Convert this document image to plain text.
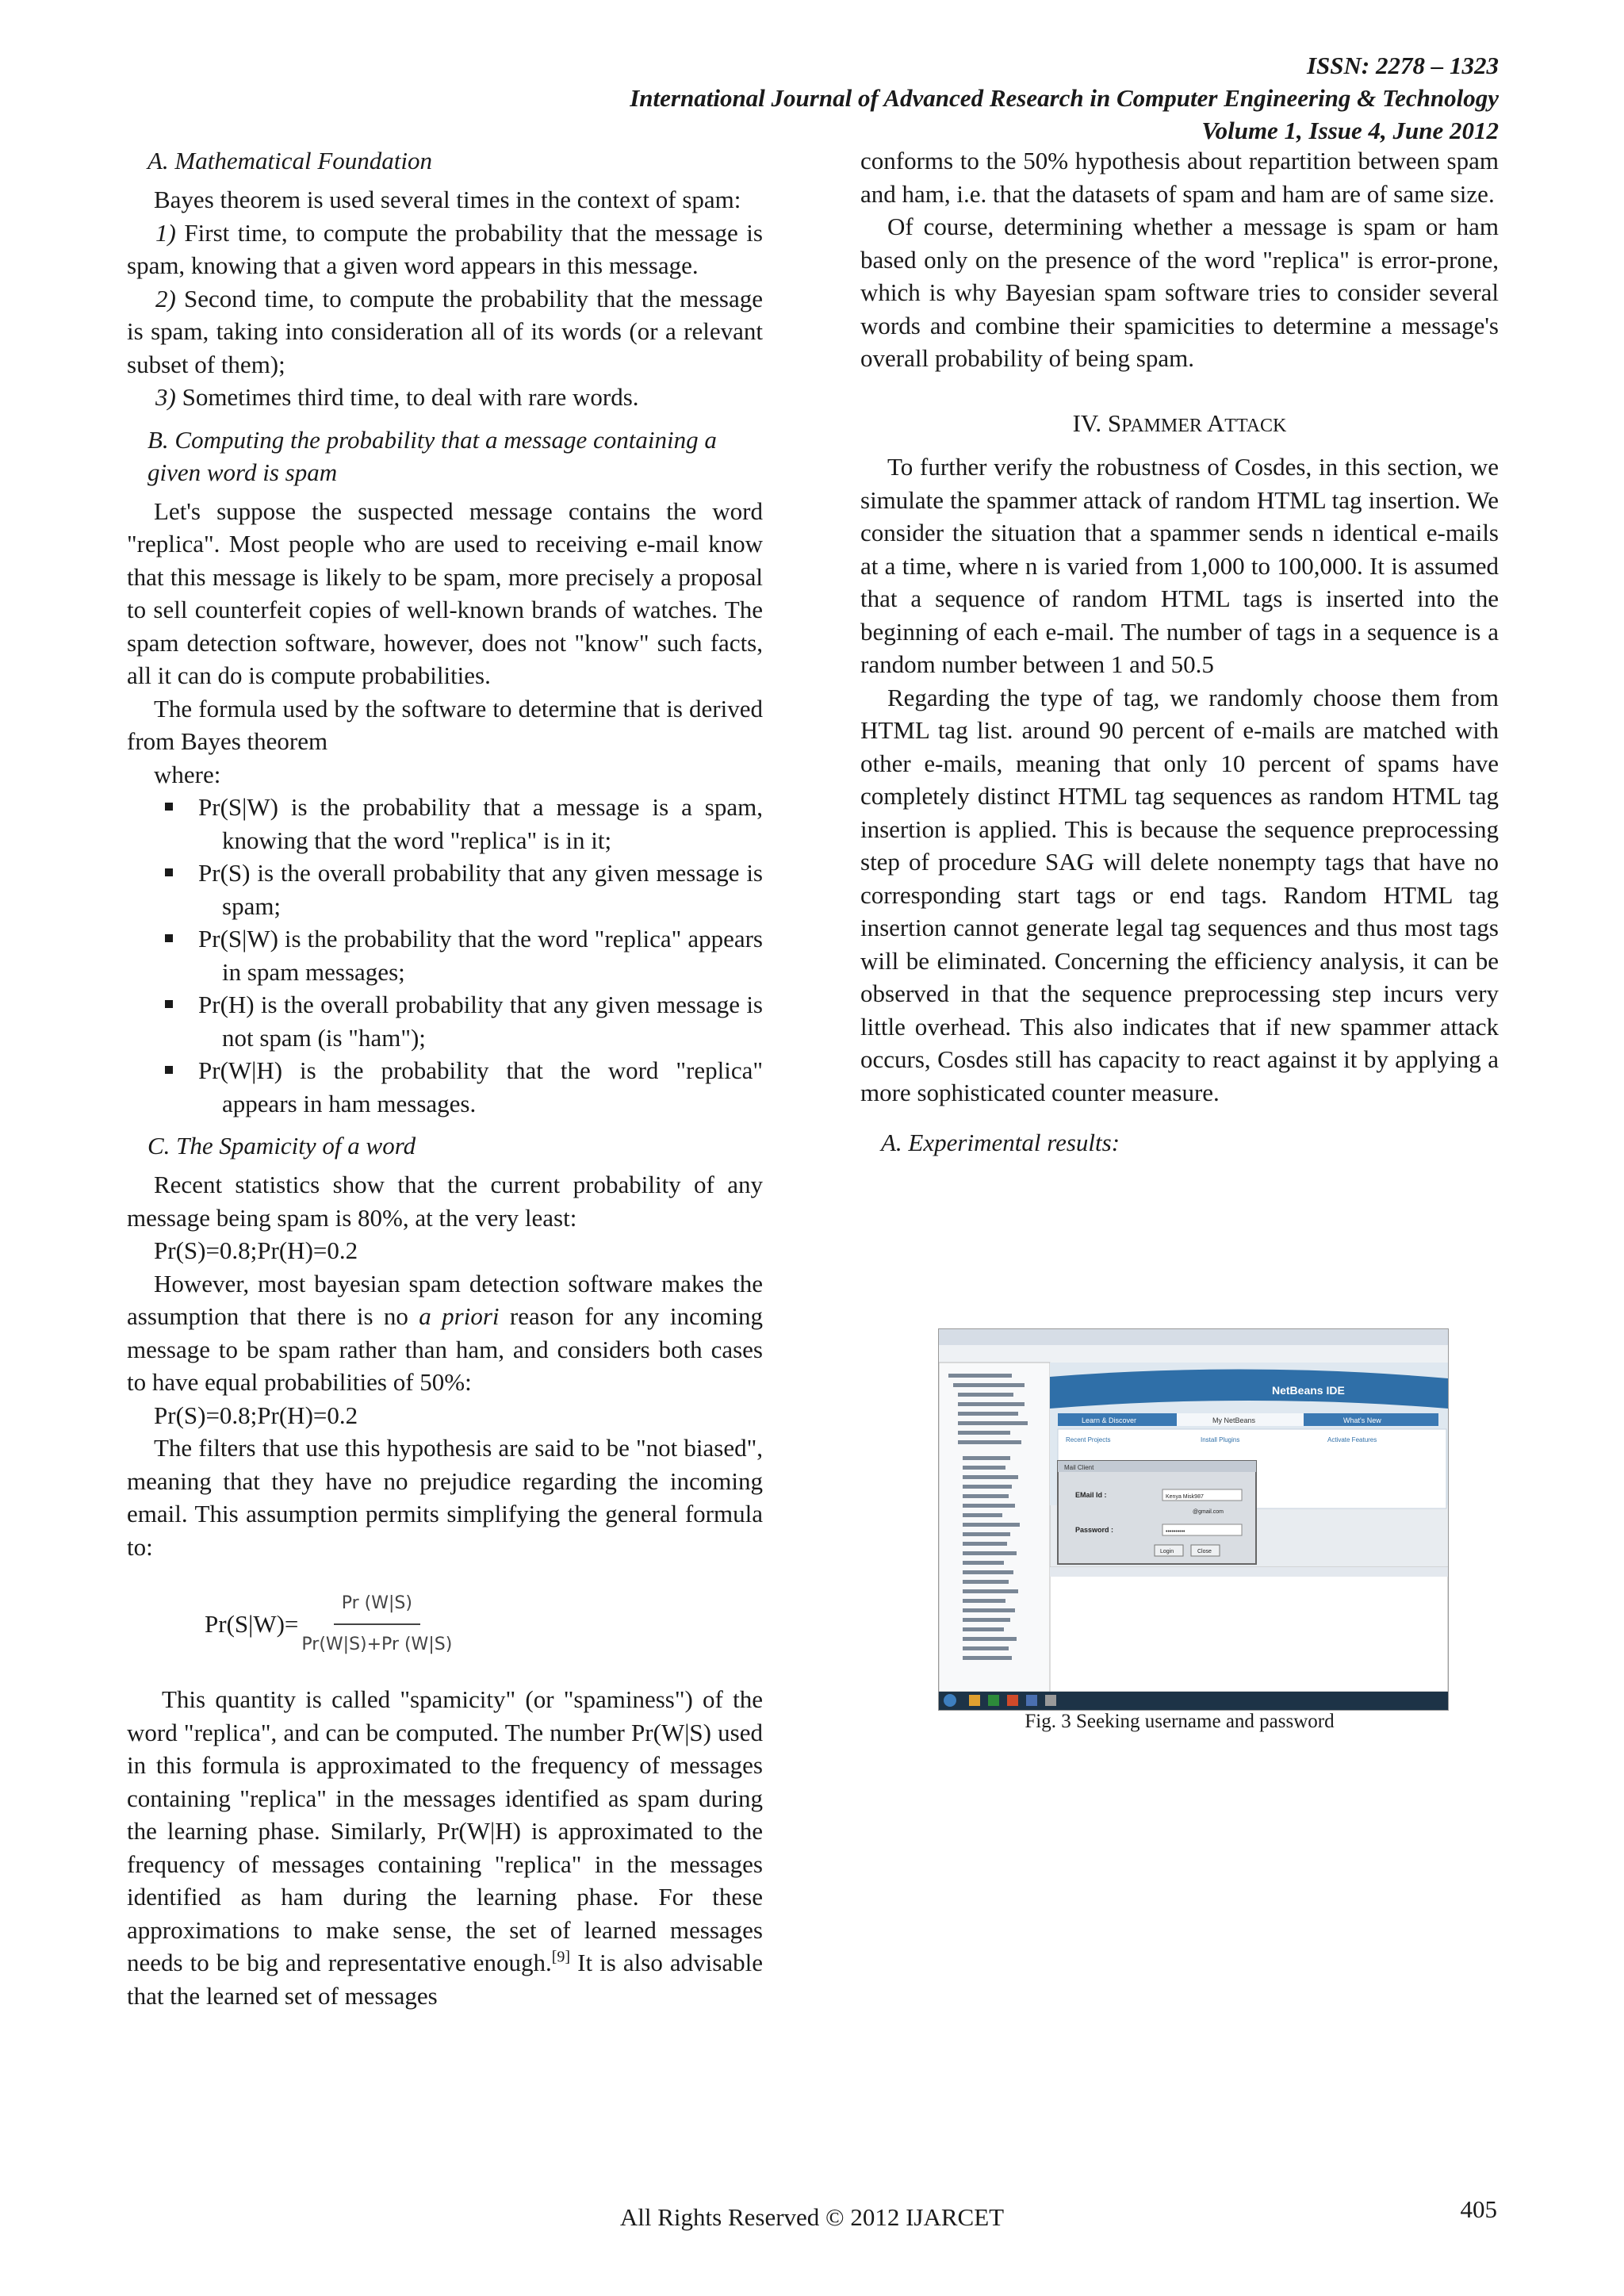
ISSN: 2278 – 1323
International Journal of Advanced Research in Computer Engineering & Technology
Volume 1, Issue 4, June 2012
A. Mathematical Foundation

Bayes theorem is used several times in the context of spam:

1) First time, to compute the probability that the message is spam, knowing that a given word appears in this message.
2) Second time, to compute the probability that the message is spam, taking into consideration all of its words (or a relevant subset of them);
3) Sometimes third time, to deal with rare words.
B. Computing the probability that a message containing a given word is spam

Let's suppose the suspected message contains the word "replica". Most people who are used to receiving e-mail know that this message is likely to be spam, more precisely a proposal to sell counterfeit copies of well-known brands of watches. The spam detection software, however, does not "know" such facts, all it can do is compute probabilities.

The formula used by the software to determine that is derived from Bayes theorem

where:
Pr(S|W) is the probability that a message is a spam, knowing that the word "replica" is in it;
Pr(S) is the overall probability that any given message is spam;
Pr(S|W) is the probability that the word "replica" appears in spam messages;
Pr(H) is the overall probability that any given message is not spam (is "ham");
Pr(W|H) is the probability that the word "replica" appears in ham messages.
C. The Spamicity of a word

Recent statistics show that the current probability of any message being spam is 80%, at the very least:

Pr(S)=0.8;Pr(H)=0.2

However, most bayesian spam detection software makes the assumption that there is no a priori reason for any incoming message to be spam rather than ham, and considers both cases to have equal probabilities of 50%:

Pr(S)=0.8;Pr(H)=0.2

The filters that use this hypothesis are said to be "not biased", meaning that they have no prejudice regarding the incoming email. This assumption permits simplifying the general formula to:

$Pr(S|W)= \frac{Pr (W|S)}{Pr(W|S)+Pr (W|S)}$

This quantity is called "spamicity" (or "spaminess") of the word "replica", and can be computed. The number Pr(W|S) used in this formula is approximated to the frequency of messages containing "replica" in the messages identified as spam during the learning phase. Similarly, Pr(W|H) is approximated to the frequency of messages containing "replica" in the messages identified as ham during the learning phase. For these approximations to make sense, the set of learned messages needs to be big and representative enough.[9] It is also advisable that the learned set of messages

conforms to the 50% hypothesis about repartition between spam and ham, i.e. that the datasets of spam and ham are of same size.

Of course, determining whether a message is spam or ham based only on the presence of the word "replica" is error-prone, which is why Bayesian spam software tries to consider several words and combine their spamicities to determine a message's overall probability of being spam.

IV. SPAMMER ATTACK

To further verify the robustness of Cosdes, in this section, we simulate the spammer attack of random HTML tag insertion. We consider the situation that a spammer sends n identical e-mails at a time, where n is varied from 1,000 to 100,000. It is assumed that a sequence of random HTML tags is inserted into the beginning of each e-mail. The number of tags in a sequence is a random number between 1 and 50.5

Regarding the type of tag, we randomly choose them from HTML tag list. around 90 percent of e-mails are matched with other e-mails, meaning that only 10 percent of spams have completely distinct HTML tag sequences as random HTML tag insertion is applied. This is because the sequence preprocessing step of procedure SAG will delete nonempty tags that have no corresponding start tags or end tags. Random HTML tag insertion cannot generate legal tag sequences and thus most tags will be eliminated. Concerning the efficiency analysis, it can be observed in that the sequence preprocessing step incurs very little overhead. This also indicates that if new spammer attack occurs, Cosdes still has capacity to react against it by applying a more sophisticated counter measure.

A. Experimental results:
NetBeans IDE
Learn & Discover	My NetBeans	What's New
Recent Projects	Install Plugins	Activate Features
Mail Client
EMail Id :	Kenya Misk987
@gmail.com
Password :	••••••••••
Login	Close
Fig. 3 Seeking username and password
All Rights Reserved © 2012 IJARCET	405
